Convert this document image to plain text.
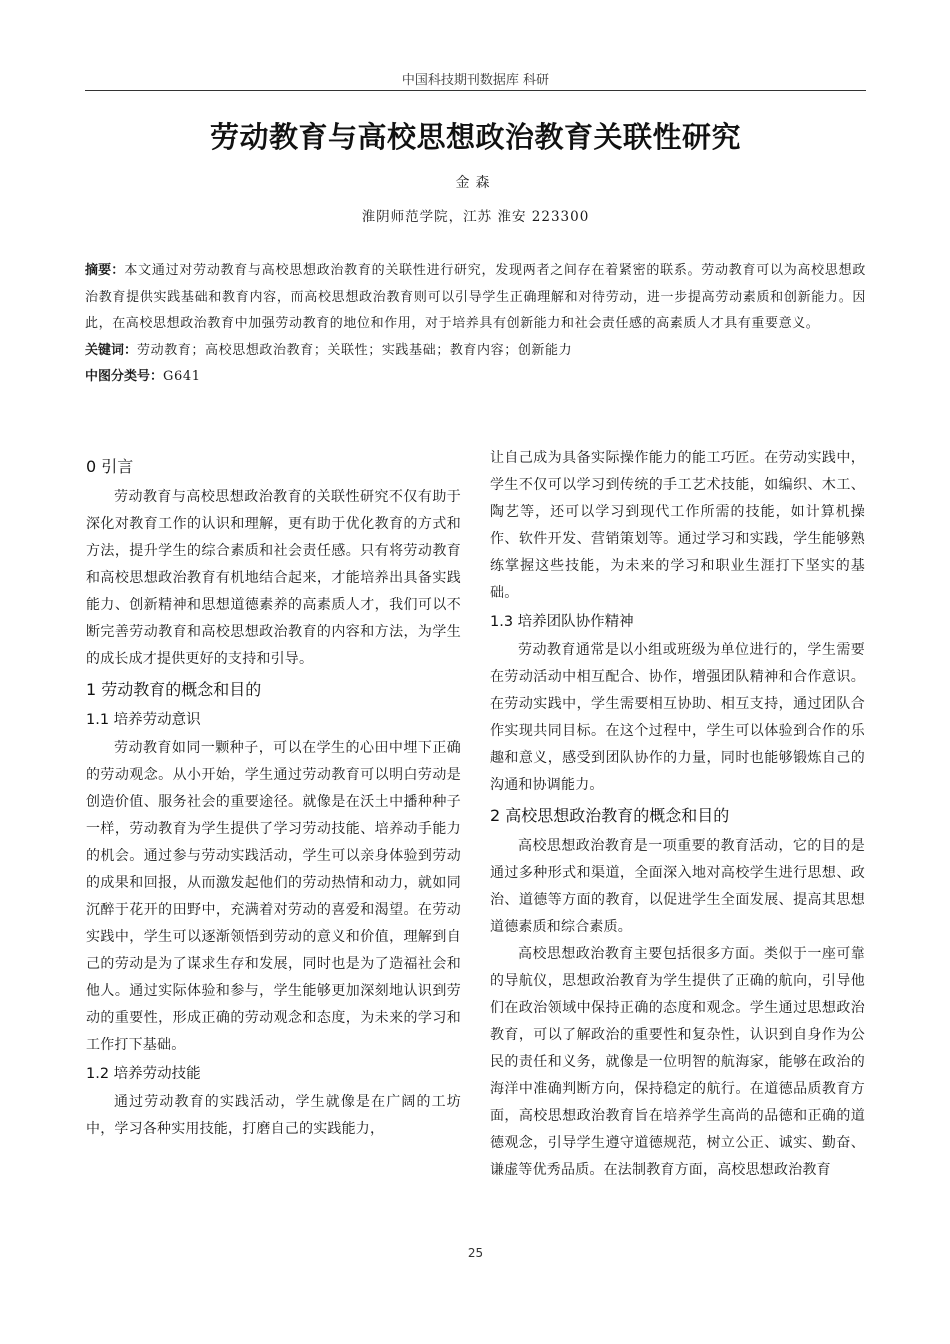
中国科技期刊数据库 科研
劳动教育与高校思想政治教育关联性研究
金森
淮阴师范学院，江苏 淮安 223300
摘要：本文通过对劳动教育与高校思想政治教育的关联性进行研究，发现两者之间存在着紧密的联系。劳动教育可以为高校思想政治教育提供实践基础和教育内容，而高校思想政治教育则可以引导学生正确理解和对待劳动，进一步提高劳动素质和创新能力。因此，在高校思想政治教育中加强劳动教育的地位和作用，对于培养具有创新能力和社会责任感的高素质人才具有重要意义。
关键词：劳动教育；高校思想政治教育；关联性；实践基础；教育内容；创新能力
中图分类号：G641
0 引言

劳动教育与高校思想政治教育的关联性研究不仅有助于深化对教育工作的认识和理解，更有助于优化教育的方式和方法，提升学生的综合素质和社会责任感。只有将劳动教育和高校思想政治教育有机地结合起来，才能培养出具备实践能力、创新精神和思想道德素养的高素质人才，我们可以不断完善劳动教育和高校思想政治教育的内容和方法，为学生的成长成才提供更好的支持和引导。

1 劳动教育的概念和目的
1.1 培养劳动意识

劳动教育如同一颗种子，可以在学生的心田中埋下正确的劳动观念。从小开始，学生通过劳动教育可以明白劳动是创造价值、服务社会的重要途径。就像是在沃土中播种种子一样，劳动教育为学生提供了学习劳动技能、培养动手能力的机会。通过参与劳动实践活动，学生可以亲身体验到劳动的成果和回报，从而激发起他们的劳动热情和动力，就如同沉醉于花开的田野中，充满着对劳动的喜爱和渴望。在劳动实践中，学生可以逐渐领悟到劳动的意义和价值，理解到自己的劳动是为了谋求生存和发展，同时也是为了造福社会和他人。通过实际体验和参与，学生能够更加深刻地认识到劳动的重要性，形成正确的劳动观念和态度，为未来的学习和工作打下基础。

1.2 培养劳动技能

通过劳动教育的实践活动，学生就像是在广阔的工坊中，学习各种实用技能，打磨自己的实践能力，

让自己成为具备实际操作能力的能工巧匠。在劳动实践中，学生不仅可以学习到传统的手工艺术技能，如编织、木工、陶艺等，还可以学习到现代工作所需的技能，如计算机操作、软件开发、营销策划等。通过学习和实践，学生能够熟练掌握这些技能，为未来的学习和职业生涯打下坚实的基础。

1.3 培养团队协作精神

劳动教育通常是以小组或班级为单位进行的，学生需要在劳动活动中相互配合、协作，增强团队精神和合作意识。在劳动实践中，学生需要相互协助、相互支持，通过团队合作实现共同目标。在这个过程中，学生可以体验到合作的乐趣和意义，感受到团队协作的力量，同时也能够锻炼自己的沟通和协调能力。

2 高校思想政治教育的概念和目的

高校思想政治教育是一项重要的教育活动，它的目的是通过多种形式和渠道，全面深入地对高校学生进行思想、政治、道德等方面的教育，以促进学生全面发展、提高其思想道德素质和综合素质。

高校思想政治教育主要包括很多方面。类似于一座可靠的导航仪，思想政治教育为学生提供了正确的航向，引导他们在政治领域中保持正确的态度和观念。学生通过思想政治教育，可以了解政治的重要性和复杂性，认识到自身作为公民的责任和义务，就像是一位明智的航海家，能够在政治的海洋中准确判断方向，保持稳定的航行。在道德品质教育方面，高校思想政治教育旨在培养学生高尚的品德和正确的道德观念，引导学生遵守道德规范，树立公正、诚实、勤奋、谦虚等优秀品质。在法制教育方面，高校思想政治教育

25
